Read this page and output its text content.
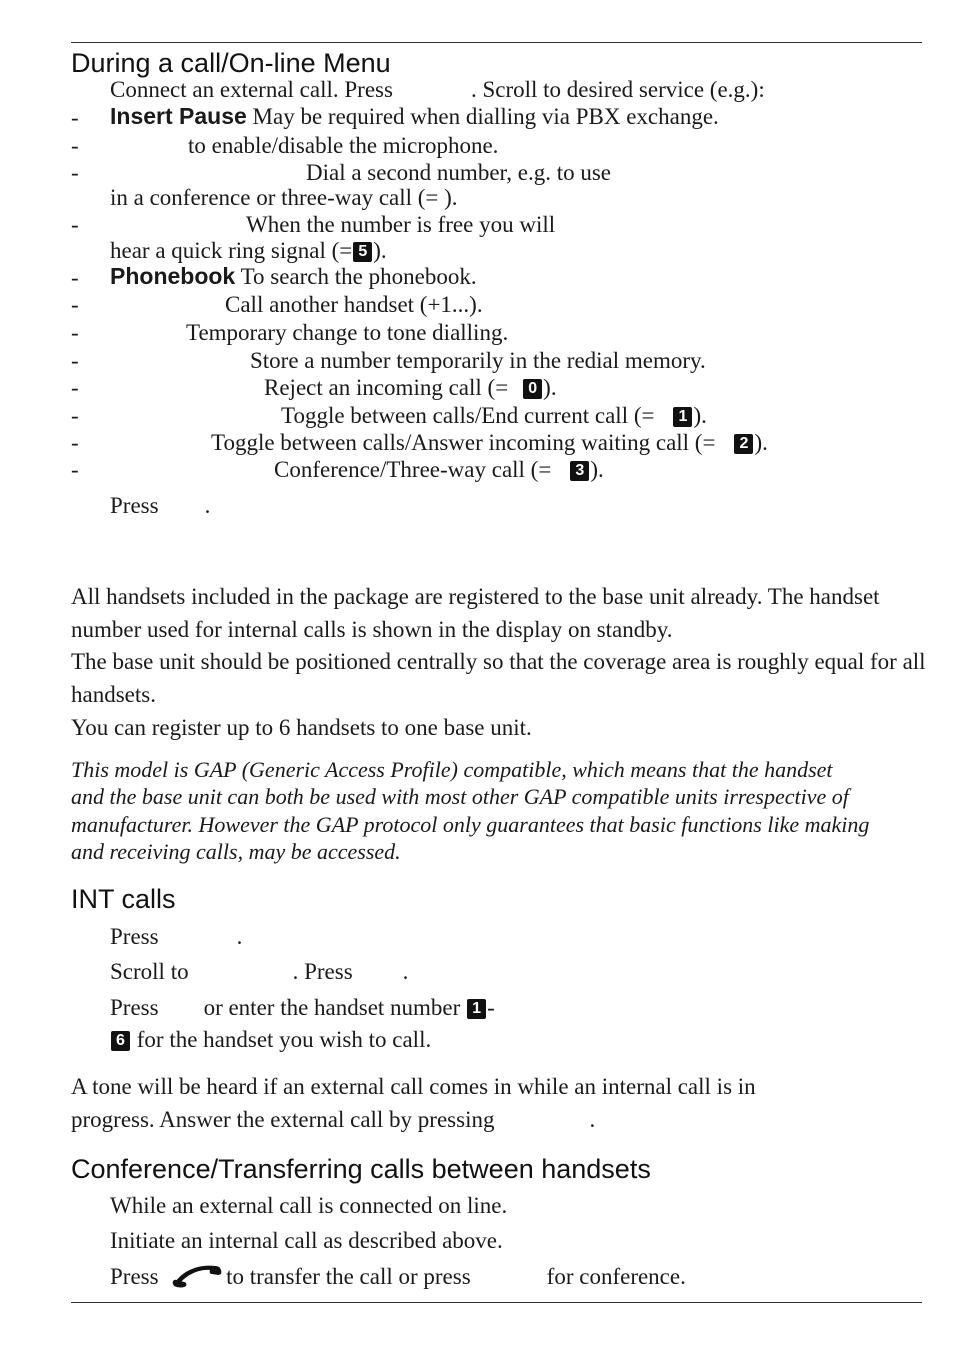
During a call/On-line Menu
Connect an external call. Press	. Scroll to desired service (e.g.):
- Insert Pause May be required when dialling via PBX exchange.
-	to enable/disable the microphone.
-	Dial a second number, e.g. to use
in a conference or three-way call (= ).
-	When the number is free you will
hear a quick ring signal (= 5 ).
- Phonebook To search the phonebook.
-	Call another handset (+1...).
-	Temporary change to tone dialling.
-	Store a number temporarily in the redial memory.
-	Reject an incoming call (= 0 ).
-	Toggle between calls/End current call (= 1 ).
-	Toggle between calls/Answer incoming waiting call (= 2 ).
-	Conference/Three-way call (= 3 ).
Press .
All handsets included in the package are registered to the base unit already. The handset number used for internal calls is shown in the display on standby.
The base unit should be positioned centrally so that the coverage area is roughly equal for all handsets.
You can register up to 6 handsets to one base unit.
This model is GAP (Generic Access Profile) compatible, which means that the handset
and the base unit can both be used with most other GAP compatible units irrespective of
manufacturer. However the GAP protocol only guarantees that basic functions like making
and receiving calls, may be accessed.
INT calls
Press	.
Scroll to	. Press .
Press or enter the handset number 1 -
6 for the handset you wish to call.
A tone will be heard if an external call comes in while an internal call is in
progress. Answer the external call by pressing	.
Conference/Transferring calls between handsets
While an external call is connected on line.
Initiate an internal call as described above.
Press	to transfer the call or press	for conference.
